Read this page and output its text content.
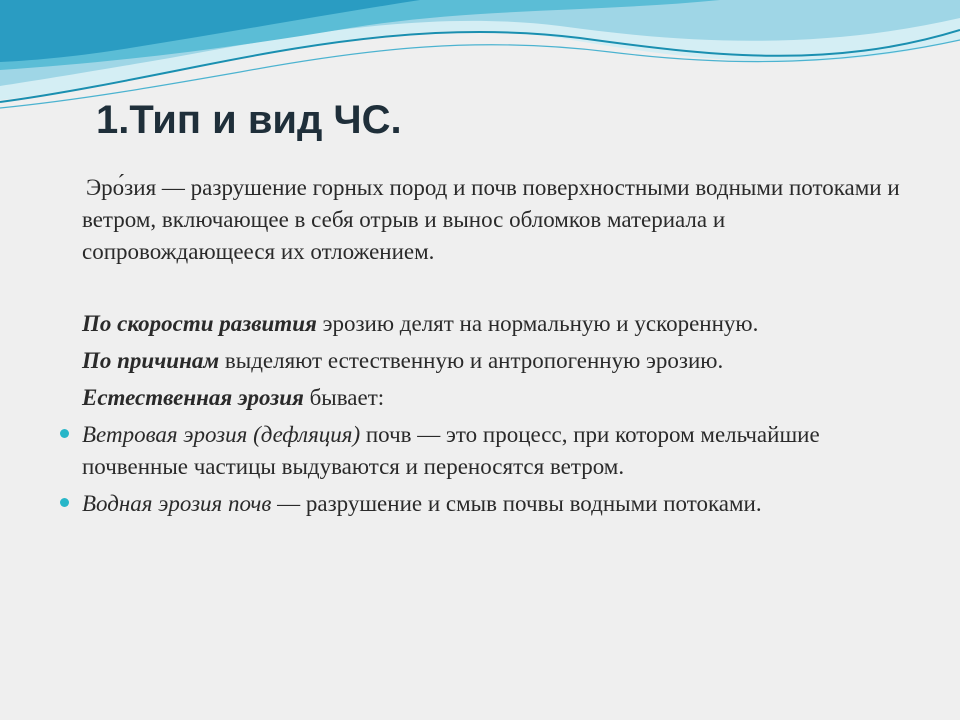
1.Тип и вид ЧС.

Эро́зия — разрушение горных пород и почв поверхностными водными потоками и ветром, включающее в себя отрыв и вынос обломков материала и сопровождающееся их отложением.

По скорости развития эрозию делят на нормальную и ускоренную.

По причинам выделяют естественную и антропогенную эрозию.

Естественная эрозия бывает:

Ветровая эрозия (дефляция) почв — это процесс, при котором мельчайшие почвенные частицы выдуваются и переносятся ветром.

Водная эрозия почв — разрушение и смыв почвы водными потоками.
